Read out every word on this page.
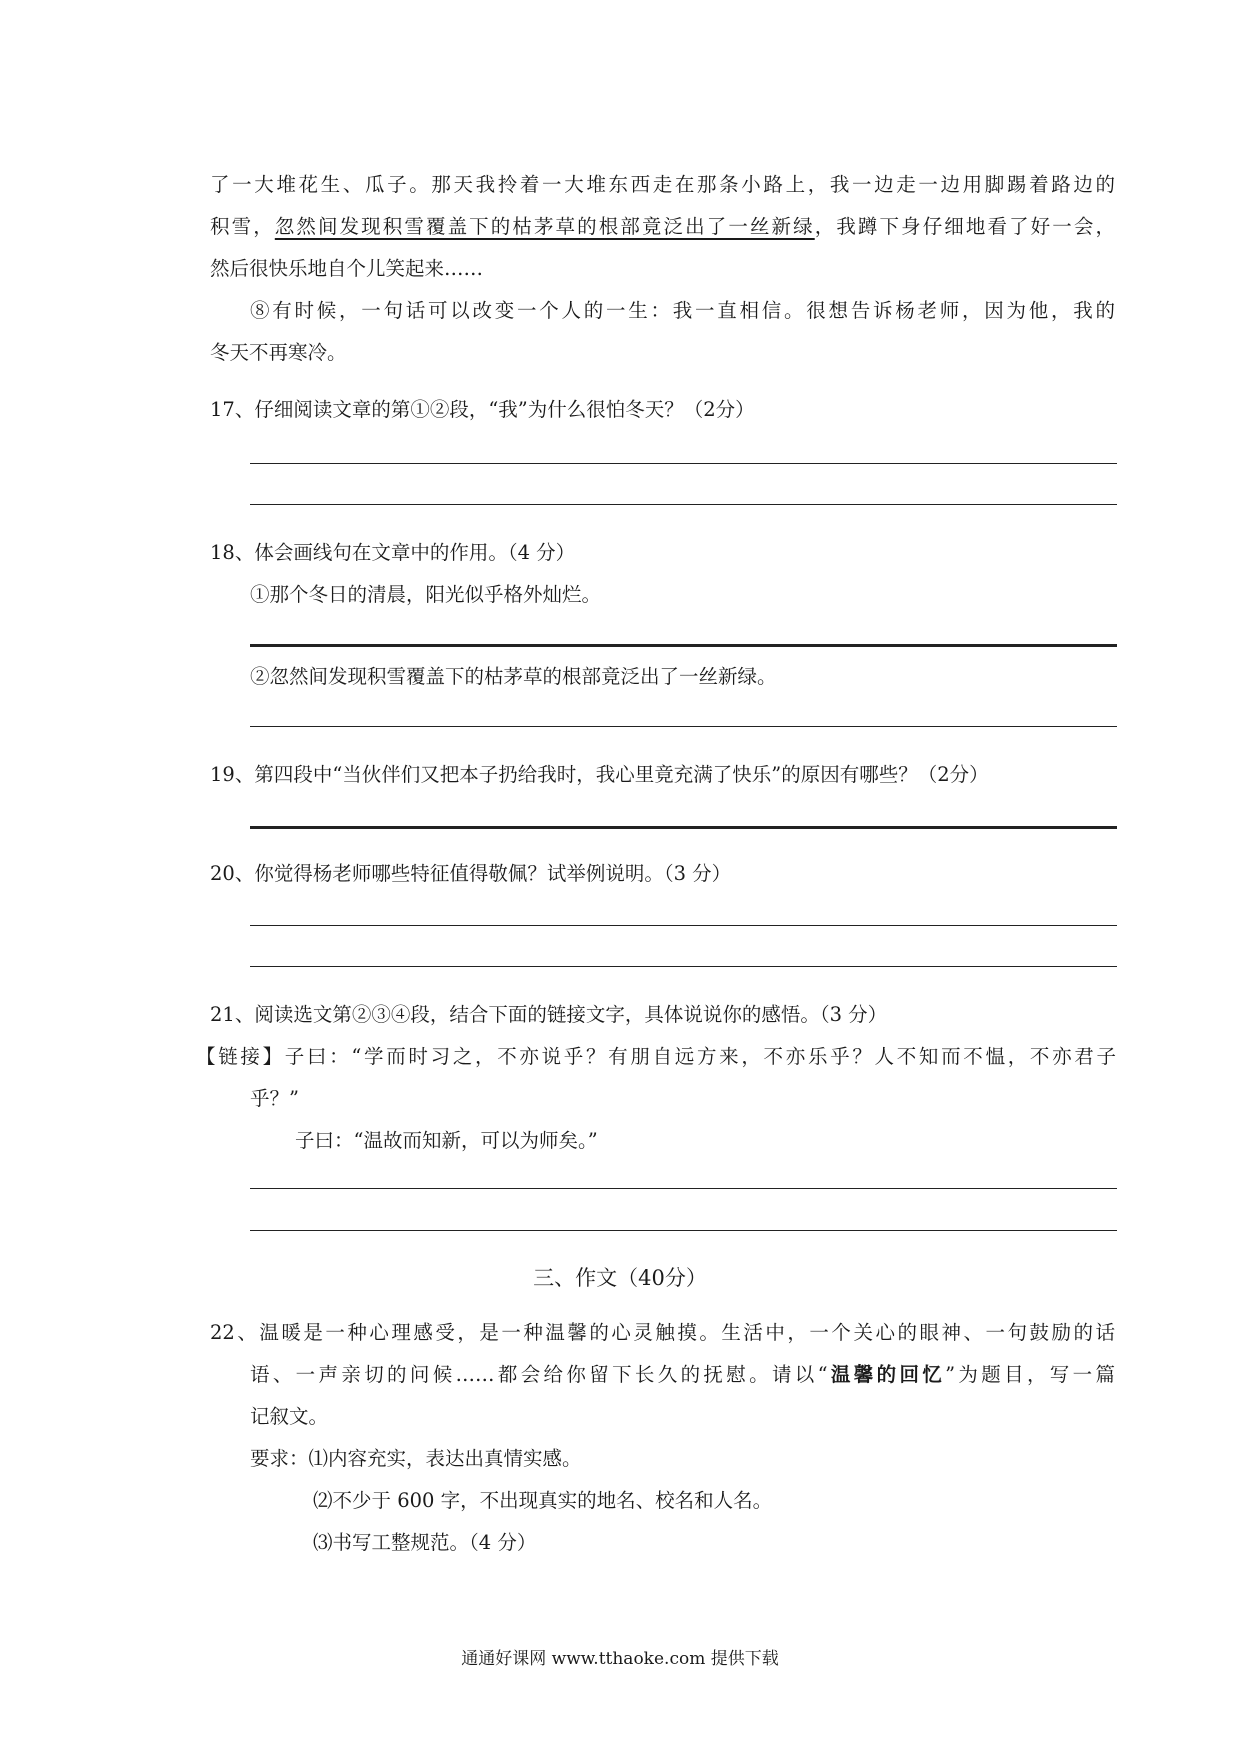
了一大堆花生、瓜子。那天我拎着一大堆东西走在那条小路上，我一边走一边用脚踢着路边的
积雪，忽然间发现积雪覆盖下的枯茅草的根部竟泛出了一丝新绿，我蹲下身仔细地看了好一会，
然后很快乐地自个儿笑起来……
⑧有时候，一句话可以改变一个人的一生：我一直相信。很想告诉杨老师，因为他，我的
冬天不再寒冷。
17、仔细阅读文章的第①②段，“我”为什么很怕冬天？（2分）
18、体会画线句在文章中的作用。（4 分）
①那个冬日的清晨，阳光似乎格外灿烂。
②忽然间发现积雪覆盖下的枯茅草的根部竟泛出了一丝新绿。
19、第四段中“当伙伴们又把本子扔给我时，我心里竟充满了快乐”的原因有哪些？（2分）
20、你觉得杨老师哪些特征值得敬佩？试举例说明。（3 分）
21、阅读选文第②③④段，结合下面的链接文字，具体说说你的感悟。（3 分）
【链接】子曰：“学而时习之，不亦说乎？有朋自远方来，不亦乐乎？人不知而不愠，不亦君子
乎？”
子曰：“温故而知新，可以为师矣。”
三、作文（40分）
22、温暖是一种心理感受，是一种温馨的心灵触摸。生活中，一个关心的眼神、一句鼓励的话
语、一声亲切的问候……都会给你留下长久的抚慰。请以“温馨的回忆”为题目，写一篇
记叙文。
要求：⑴内容充实，表达出真情实感。
⑵不少于 600 字，不出现真实的地名、校名和人名。
⑶书写工整规范。（4 分）
通通好课网 www.tthaoke.com 提供下载
